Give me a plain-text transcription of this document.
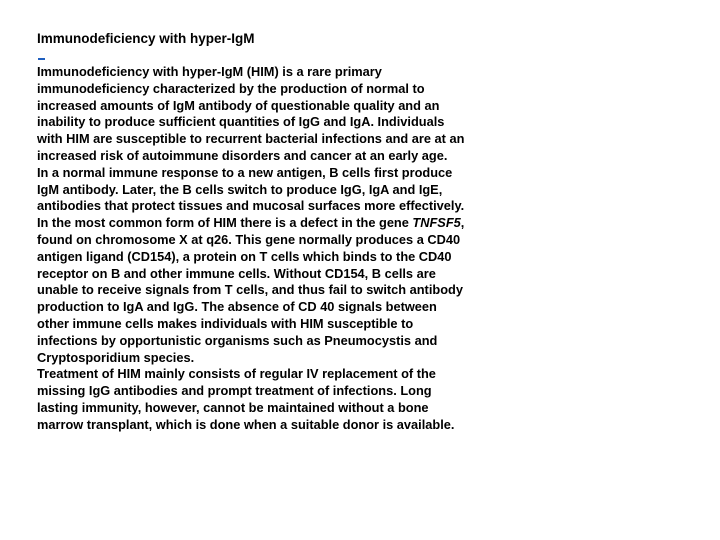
Immunodeficiency with hyper-IgM

Immunodeficiency with hyper-IgM (HIM) is a rare primary immunodeficiency characterized by the production of normal to increased amounts of IgM antibody of questionable quality and an inability to produce sufficient quantities of IgG and IgA. Individuals with HIM are susceptible to recurrent bacterial infections and are at an increased risk of autoimmune disorders and cancer at an early age.

In a normal immune response to a new antigen, B cells first produce IgM antibody. Later, the B cells switch to produce IgG, IgA and IgE, antibodies that protect tissues and mucosal surfaces more effectively. In the most common form of HIM there is a defect in the gene TNFSF5, found on chromosome X at q26. This gene normally produces a CD40 antigen ligand (CD154), a protein on T cells which binds to the CD40 receptor on B and other immune cells. Without CD154, B cells are unable to receive signals from T cells, and thus fail to switch antibody production to IgA and IgG. The absence of CD 40 signals between other immune cells makes individuals with HIM susceptible to infections by opportunistic organisms such as Pneumocystis and Cryptosporidium species.

Treatment of HIM mainly consists of regular IV replacement of the missing IgG antibodies and prompt treatment of infections. Long lasting immunity, however, cannot be maintained without a bone marrow transplant, which is done when a suitable donor is available.
